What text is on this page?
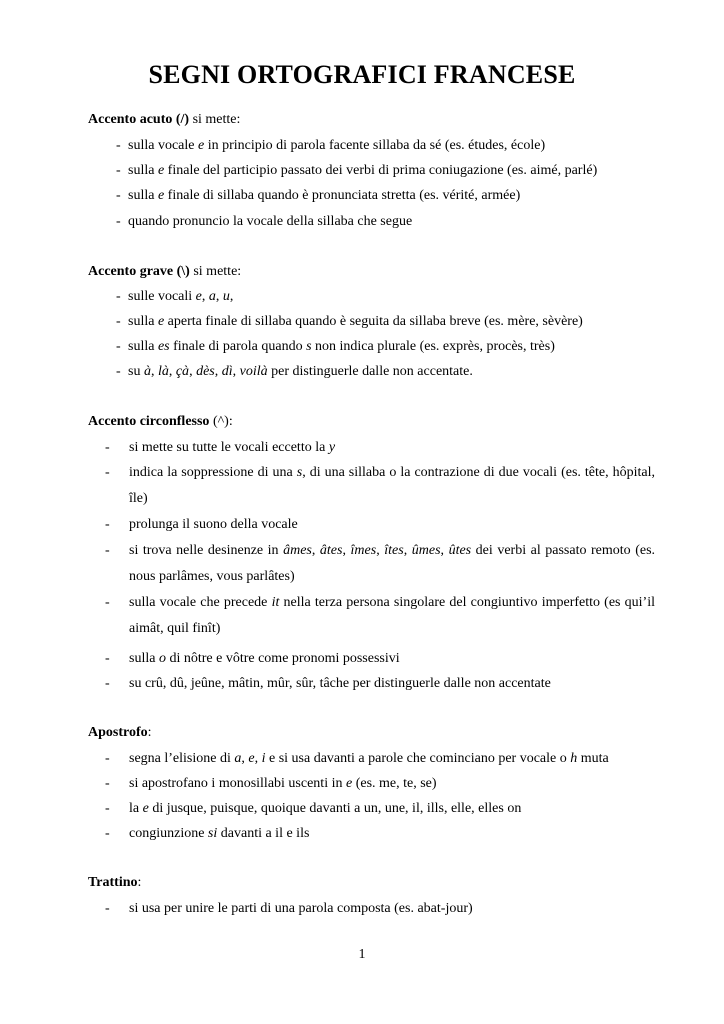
SEGNI ORTOGRAFICI FRANCESE

Accento acuto (/) si mette:

- sulla vocale e in principio di parola facente sillaba da sé (es. études, école)
- sulla e finale del participio passato dei verbi di prima coniugazione (es. aimé, parlé)
- sulla e finale di sillaba quando è pronunciata stretta (es. vérité, armée)
- quando pronuncio la vocale della sillaba che segue

Accento grave (\) si mette:

- sulle vocali e, a, u,
- sulla e aperta finale di sillaba quando è seguita da sillaba breve (es. mère, sèvère)
- sulla es finale di parola quando s non indica plurale (es. exprès, procès, très)
- su à, là, çà, dès, dì, voilà per distinguerle dalle non accentate.

Accento circonflesso (^):

- si mette su tutte le vocali eccetto la y
- indica la soppressione di una s, di una sillaba o la contrazione di due vocali (es. tête, hôpital, île)
- prolunga il suono della vocale
- si trova nelle desinenze in âmes, âtes, îmes, îtes, ûmes, ûtes dei verbi al passato remoto (es. nous parlâmes, vous parlâtes)
- sulla vocale che precede it nella terza persona singolare del congiuntivo imperfetto (es qui’il aimât, quil finît)
- sulla o di nôtre e vôtre come pronomi possessivi
- su crû, dû, jeûne, mâtin, mûr, sûr, tâche per distinguerle dalle non accentate

Apostrofo:

- segna l’elisione di a, e, i e si usa davanti a parole che cominciano per vocale o h muta
- si apostrofano i monosillabi uscenti in e (es. me, te, se)
- la e di jusque, puisque, quoique davanti a un, une, il, ills, elle, elles on
- congiunzione si davanti a il e ils

Trattino:

- si usa per unire le parti di una parola composta (es. abat-jour)
1
